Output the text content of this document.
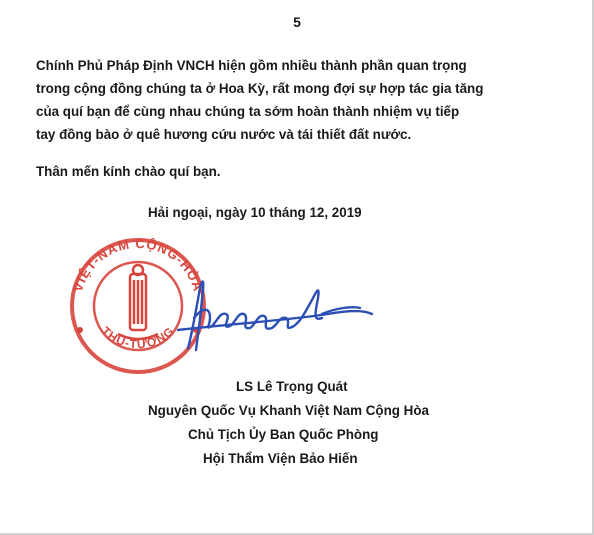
5

Chính Phủ Pháp Định VNCH hiện gồm nhiều thành phần quan trọng
trong cộng đồng chúng ta ở Hoa Kỳ, rất mong đợi sự hợp tác gia tăng
của quí bạn để cùng nhau chúng ta sớm hoàn thành nhiệm vụ tiếp
tay đồng bào ở quê hương cứu nước và tái thiết đất nước.

Thân mến kính chào quí bạn.

Hải ngoại, ngày 10 tháng 12, 2019

VIỆT-NAM CỘNG-HÒA
THỦ-TƯỚNG

LS Lê Trọng Quát

Nguyên Quốc Vụ Khanh Việt Nam Cộng Hòa

Chủ Tịch Ủy Ban Quốc Phòng

Hội Thẩm Viện Bảo Hiến
